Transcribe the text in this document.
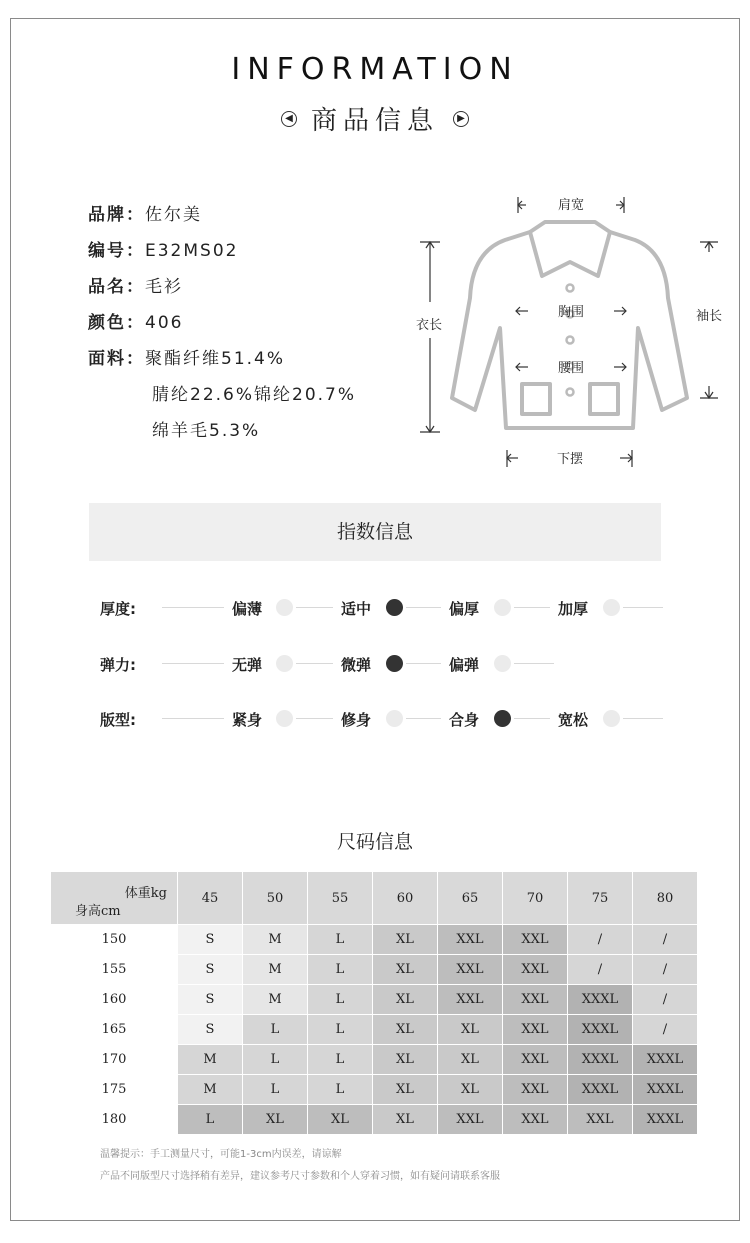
INFORMATION
◀ 商品信息 ▶
品牌：佐尔美
编号：E32MS02
品名：毛衫
颜色：406
面料：聚酯纤维51.4%
腈纶22.6%锦纶20.7%
绵羊毛5.3%
肩宽
胸围
腰围
下摆
衣长
袖长
指数信息
厚度:	偏薄	适中	偏厚	加厚
弹力:	无弹	微弹	偏弹
版型:	紧身	修身	合身	宽松
尺码信息
体重kg
身高cm	45	50	55	60	65	70	75	80
150	S	M	L	XL	XXL	XXL	/	/
155	S	M	L	XL	XXL	XXL	/	/
160	S	M	L	XL	XXL	XXL	XXXL	/
165	S	L	L	XL	XL	XXL	XXXL	/
170	M	L	L	XL	XL	XXL	XXXL	XXXL
175	M	L	L	XL	XL	XXL	XXXL	XXXL
180	L	XL	XL	XL	XXL	XXL	XXL	XXXL
温馨提示：手工测量尺寸，可能1-3cm内误差，请谅解
产品不同版型尺寸选择稍有差异，建议参考尺寸参数和个人穿着习惯，如有疑问请联系客服
